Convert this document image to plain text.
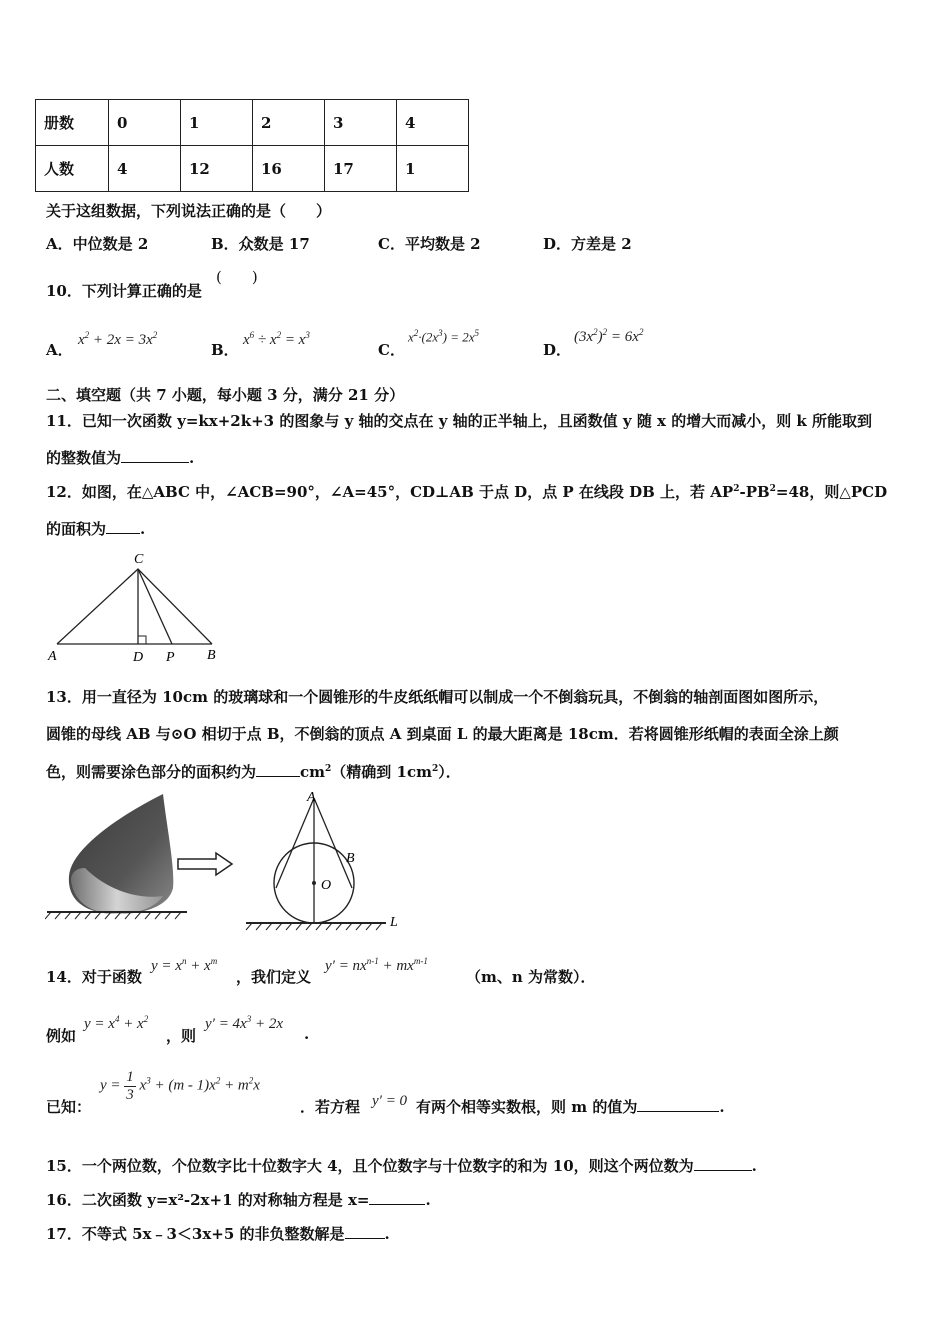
册数	0	1	2	3	4
人数	4	12	16	17	1
关于这组数据，下列说法正确的是（　　）
A．中位数是 2	B．众数是 17	C．平均数是 2	D．方差是 2
10．下列计算正确的是
(　　)
A．
$x^2 + 2x = 3x^2$
B．
$x^6 \div x^2 = x^3$
C．
$x^2\cdot(2x^3) = 2x^5$
D．
$(3x^2)^2 = 6x^2$
二、填空题（共 7 小题，每小题 3 分，满分 21 分）
11．已知一次函数 y=kx+2k+3 的图象与 y 轴的交点在 y 轴的正半轴上，且函数值 y 随 x 的增大而减小，则 k 所能取到
的整数值为	.
12．如图，在△ABC 中，∠ACB=90°，∠A=45°，CD⊥AB 于点 D，点 P 在线段 DB 上，若 $AP^2-PB^2=48$，则△PCD
的面积为 .
C
A	D P B
13．用一直径为 10cm 的玻璃球和一个圆锥形的牛皮纸纸帽可以制成一个不倒翁玩具，不倒翁的轴剖面图如图所示，
圆锥的母线 AB 与⊙O 相切于点 B，不倒翁的顶点 A 到桌面 L 的最大距离是 18cm．若将圆锥形纸帽的表面全涂上颜
色，则需要涂色部分的面积约为	$cm^2$（精确到 $1cm^2$）．
A
B
O
L
14．对于函数
$y = x^n + x^m$
，我们定义
$y' = nx^{n-1} + mx^{m-1}$
（m、n 为常数）．
例如
$y = x^4 + x^2$
，则
$y' = 4x^3 + 2x$
.
已知：
$y = \frac{1}{3} x^3 + (m - 1)x^2 + m^2x$
．若方程 y′ = 0 有两个相等实数根，则 m 的值为	.
15．一个两位数，个位数字比十位数字大 4，且个位数字与十位数字的和为 10，则这个两位数为	.
16．二次函数 y=x²-2x+1 的对称轴方程是 x=	.
17．不等式 5x﹣3＜3x+5 的非负整数解是	.
